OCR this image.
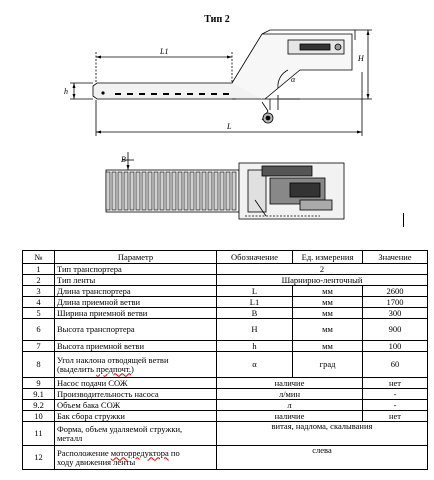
Тип 2
L1
L
h
H
α
B
№	Параметр	Обозначение	Ед. измерения	Значение
1	Тип транспортера	2		
2	Тип ленты	Шарнирно-ленточный		
3	Длина транспортера	L	мм	2600
4	Длина приемной ветви	L1	мм	1700
5	Ширина приемной ветви	B	мм	300
6	Высота транспортера	H	мм	900
7	Высота приемной ветви	h	мм	100
8	Угол наклона отводящей ветви
(выделить предпочт.)	α	град	60
9	Насос подачи СОЖ	наличие		нет
9.1	Производительность насоса	л/мин		-
9.2	Объем бака СОЖ	л		-
10	Бак сбора стружки	наличие		нет
11	Форма, объем удаляемой стружки,
металл	витая, надлома, скалывания		
12	Расположение моторредуктора по
ходу движения ленты	слева		
